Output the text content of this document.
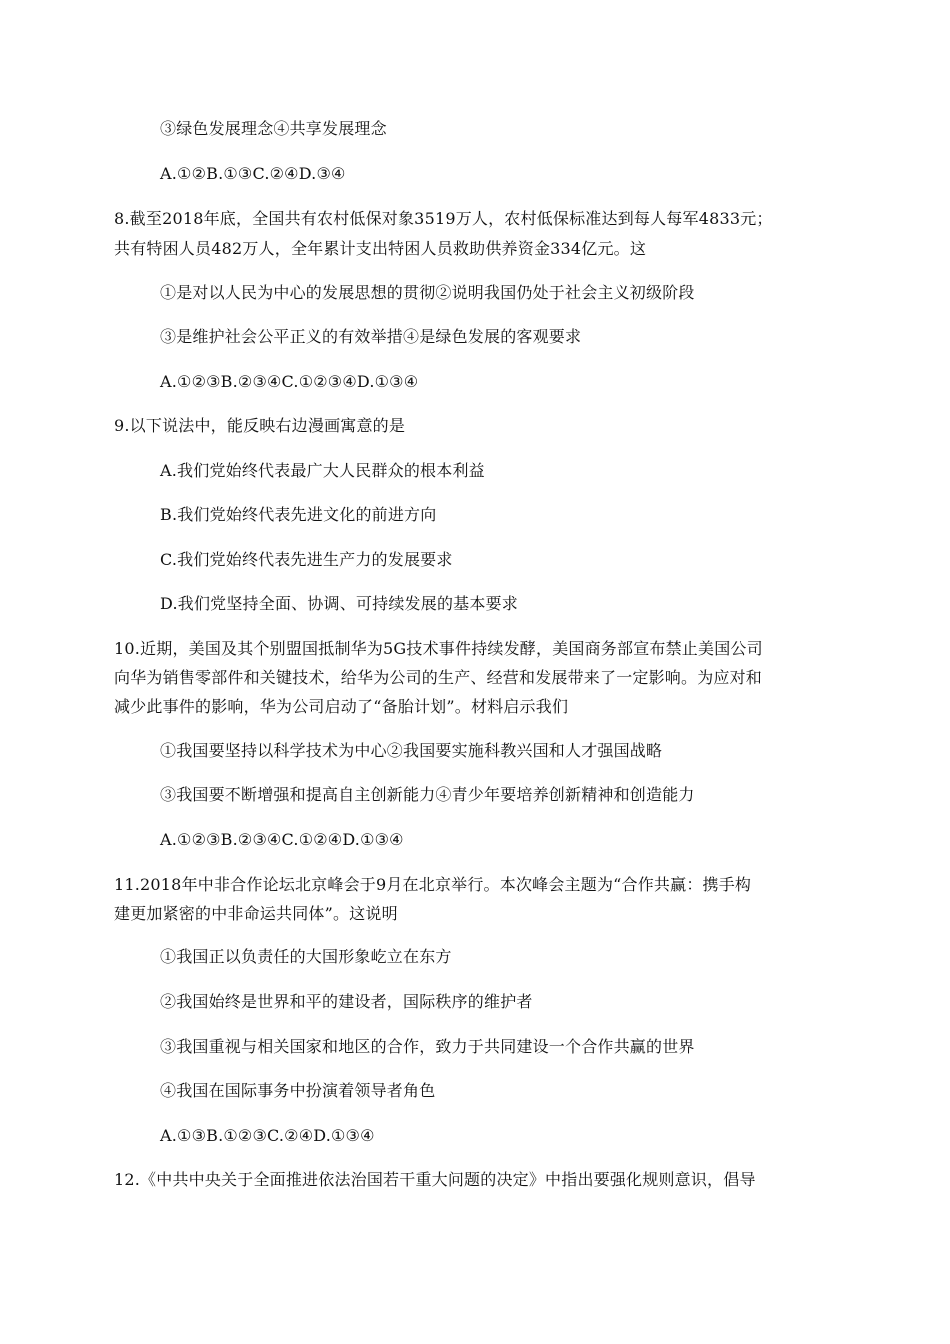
③绿色发展理念④共享发展理念
A.①②B.①③C.②④D.③④
8.截至2018年底，全国共有农村低保对象3519万人，农村低保标准达到每人每军4833元；
共有特困人员482万人，全年累计支出特困人员救助供养资金334亿元。这
①是对以人民为中心的发展思想的贯彻②说明我国仍处于社会主义初级阶段
③是维护社会公平正义的有效举措④是绿色发展的客观要求
A.①②③B.②③④C.①②③④D.①③④
9.以下说法中，能反映右边漫画寓意的是
A.我们党始终代表最广大人民群众的根本利益
B.我们党始终代表先进文化的前进方向
C.我们党始终代表先进生产力的发展要求
D.我们党坚持全面、协调、可持续发展的基本要求
10.近期，美国及其个别盟国抵制华为5G技术事件持续发酵，美国商务部宣布禁止美国公司
向华为销售零部件和关键技术，给华为公司的生产、经营和发展带来了一定影响。为应对和
减少此事件的影响，华为公司启动了“备胎计划”。材料启示我们
①我国要坚持以科学技术为中心②我国要实施科教兴国和人才强国战略
③我国要不断增强和提高自主创新能力④青少年要培养创新精神和创造能力
A.①②③B.②③④C.①②④D.①③④
11.2018年中非合作论坛北京峰会于9月在北京举行。本次峰会主题为“合作共赢：携手构
建更加紧密的中非命运共同体”。这说明
①我国正以负责任的大国形象屹立在东方
②我国始终是世界和平的建设者，国际秩序的维护者
③我国重视与相关国家和地区的合作，致力于共同建设一个合作共赢的世界
④我国在国际事务中扮演着领导者角色
A.①③B.①②③C.②④D.①③④
12.《中共中央关于全面推进依法治国若干重大问题的决定》中指出要强化规则意识，倡导
